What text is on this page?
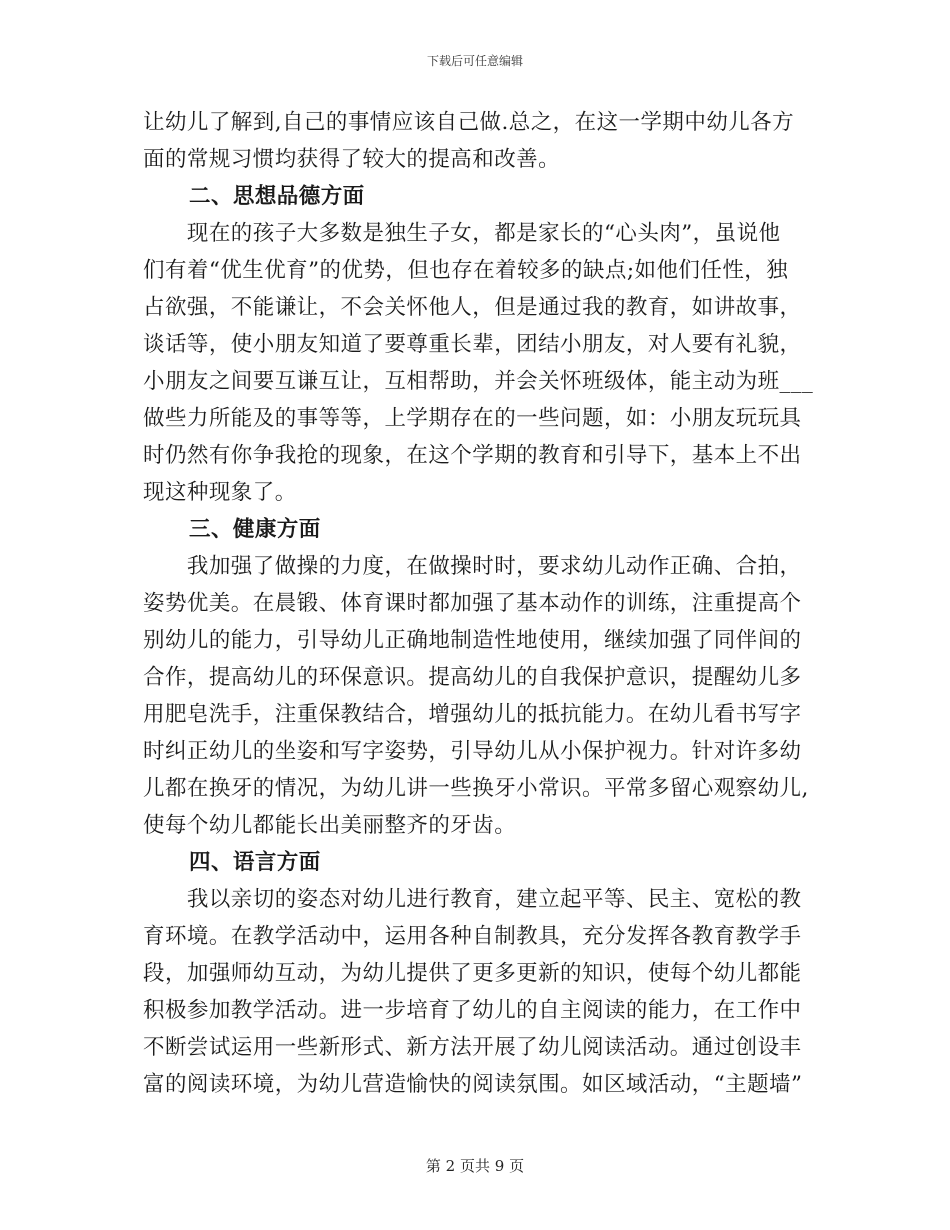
下载后可任意编辑
让幼儿了解到,自己的事情应该自己做.总之，在这一学期中幼儿各方
面的常规习惯均获得了较大的提高和改善。
二、思想品德方面
　　现在的孩子大多数是独生子女，都是家长的“心头肉”，虽说他
们有着“优生优育”的优势，但也存在着较多的缺点;如他们任性，独
占欲强，不能谦让，不会关怀他人，但是通过我的教育，如讲故事，
谈话等，使小朋友知道了要尊重长辈，团结小朋友，对人要有礼貌，
小朋友之间要互谦互让，互相帮助，并会关怀班级体，能主动为班___
做些力所能及的事等等，上学期存在的一些问题，如：小朋友玩玩具
时仍然有你争我抢的现象，在这个学期的教育和引导下，基本上不出
现这种现象了。
三、健康方面
　　我加强了做操的力度，在做操时时，要求幼儿动作正确、合拍，
姿势优美。在晨锻、体育课时都加强了基本动作的训练，注重提高个
别幼儿的能力，引导幼儿正确地制造性地使用，继续加强了同伴间的
合作，提高幼儿的环保意识。提高幼儿的自我保护意识，提醒幼儿多
用肥皂洗手，注重保教结合，增强幼儿的抵抗能力。在幼儿看书写字
时纠正幼儿的坐姿和写字姿势，引导幼儿从小保护视力。针对许多幼
儿都在换牙的情况，为幼儿讲一些换牙小常识。平常多留心观察幼儿,
使每个幼儿都能长出美丽整齐的牙齿。
四、语言方面
　　我以亲切的姿态对幼儿进行教育，建立起平等、民主、宽松的教
育环境。在教学活动中，运用各种自制教具，充分发挥各教育教学手
段，加强师幼互动，为幼儿提供了更多更新的知识，使每个幼儿都能
积极参加教学活动。进一步培育了幼儿的自主阅读的能力，在工作中
不断尝试运用一些新形式、新方法开展了幼儿阅读活动。通过创设丰
富的阅读环境，为幼儿营造愉快的阅读氛围。如区域活动，“主题墙”
第 2 页共 9 页
